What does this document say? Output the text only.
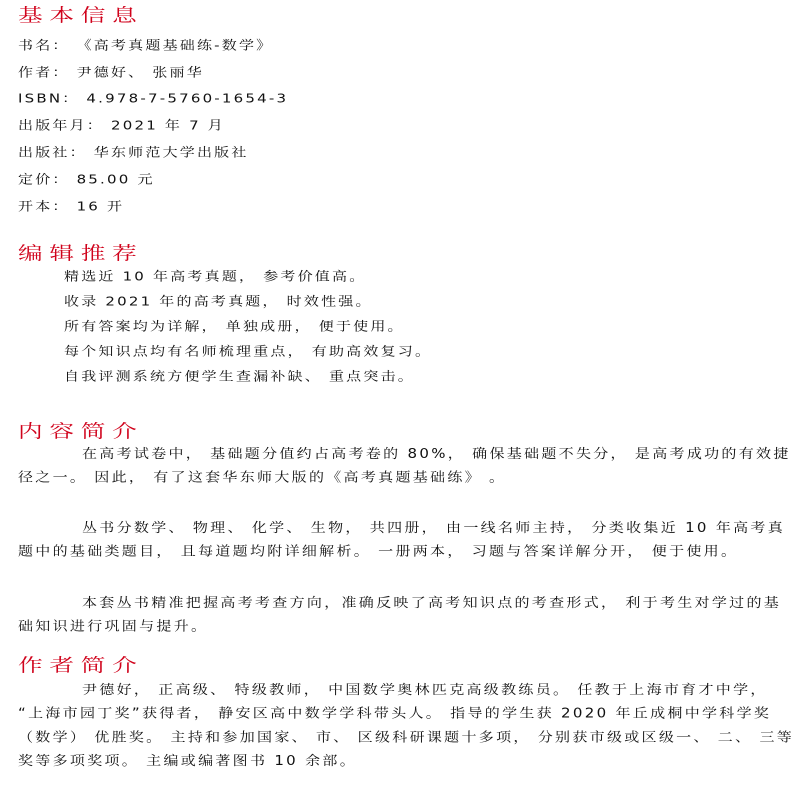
基本信息
书名： 《高考真题基础练-数学》
作者： 尹德好、 张丽华
ISBN： 4.978-7-5760-1654-3
出版年月： 2021 年 7 月
出版社： 华东师范大学出版社
定价： 85.00 元
开本： 16 开
编辑推荐
精选近 10 年高考真题， 参考价值高。
收录 2021 年的高考真题， 时效性强。
所有答案均为详解， 单独成册， 便于使用。
每个知识点均有名师梳理重点， 有助高效复习。
自我评测系统方便学生查漏补缺、 重点突击。
内容简介

在高考试卷中， 基础题分值约占高考卷的 80%， 确保基础题不失分， 是高考成功的有效捷径之一。 因此， 有了这套华东师大版的《高考真题基础练》 。

丛书分数学、 物理、 化学、 生物， 共四册， 由一线名师主持， 分类收集近 10 年高考真题中的基础类题目， 且每道题均附详细解析。 一册两本， 习题与答案详解分开， 便于使用。

本套丛书精准把握高考考查方向，准确反映了高考知识点的考查形式， 利于考生对学过的基础知识进行巩固与提升。

作者简介

尹德好， 正高级、 特级教师， 中国数学奥林匹克高级教练员。 任教于上海市育才中学， “上海市园丁奖”获得者， 静安区高中数学学科带头人。 指导的学生获 2020 年丘成桐中学科学奖 （数学） 优胜奖。 主持和参加国家、 市、 区级科研课题十多项， 分别获市级或区级一、 二、 三等奖等多项奖项。 主编或编著图书 10 余部。
